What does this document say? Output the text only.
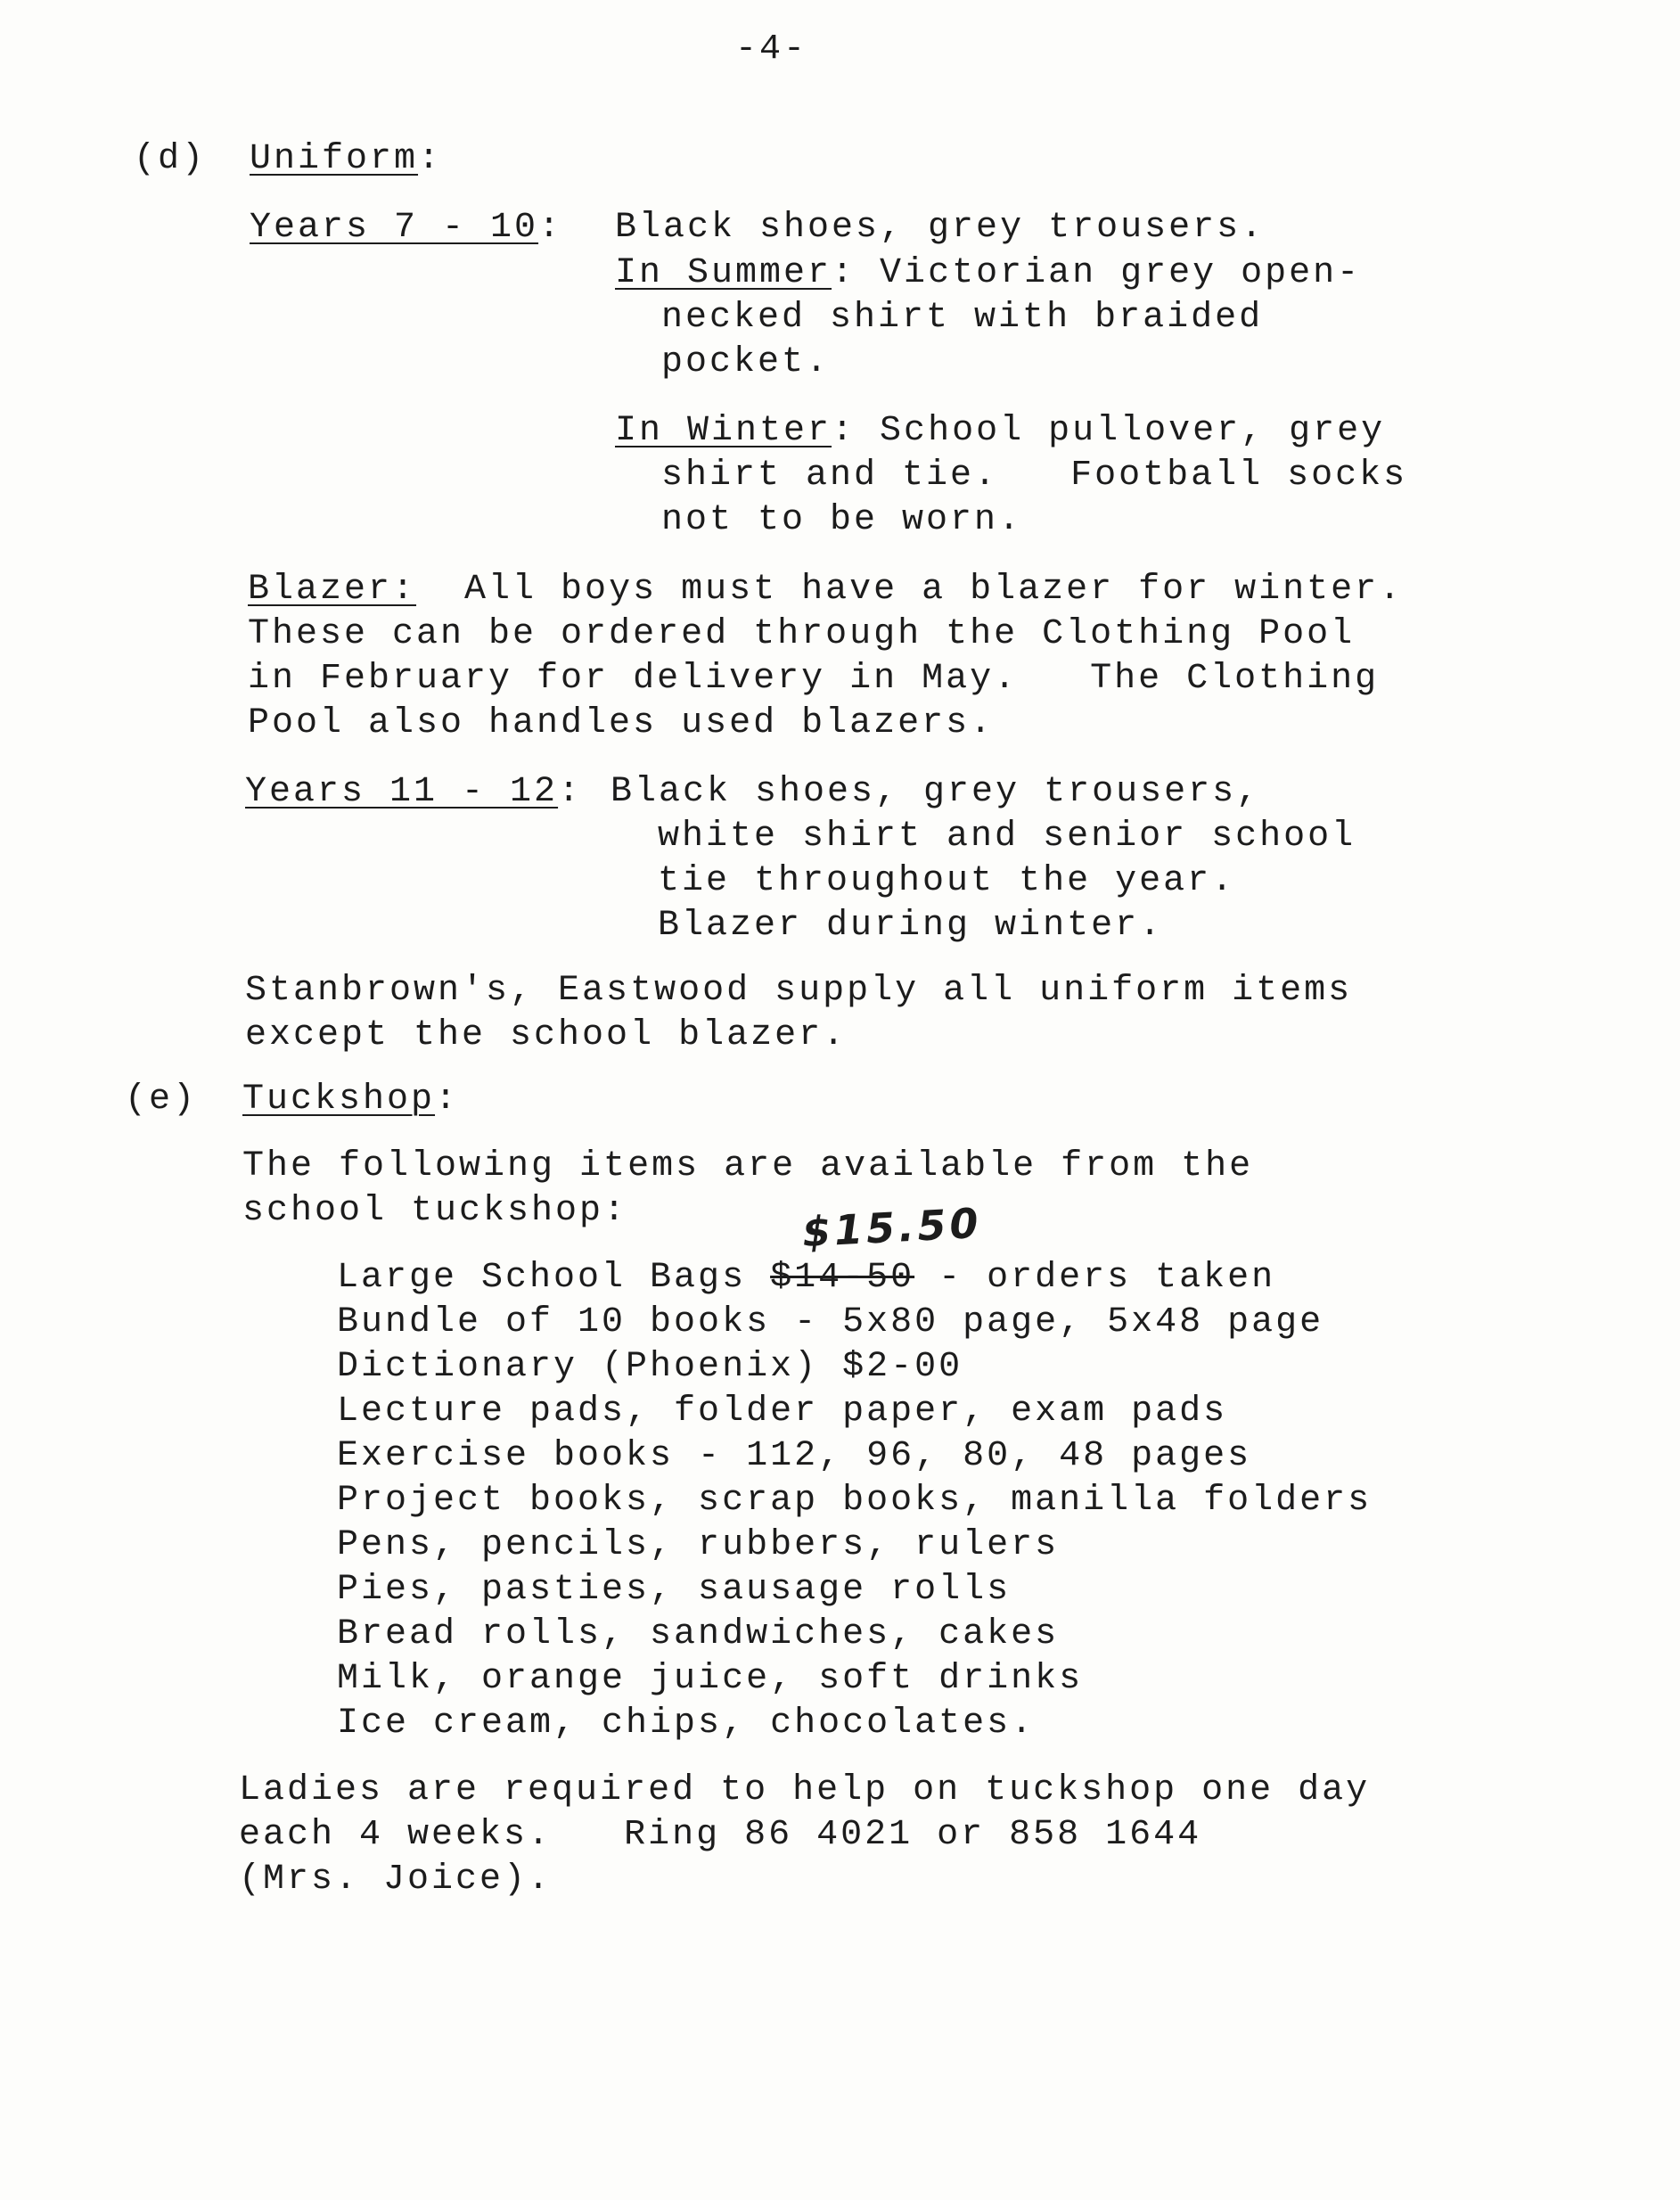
-4-
(d) Uniform:
Years 7 - 10: Black shoes, grey trousers.
In Summer: Victorian grey open-
necked shirt with braided
pocket.
In Winter: School pullover, grey
shirt and tie.   Football socks
not to be worn.
Blazer:  All boys must have a blazer for winter.
These can be ordered through the Clothing Pool
in February for delivery in May.   The Clothing
Pool also handles used blazers.
Years 11 - 12: Black shoes, grey trousers,
white shirt and senior school
tie throughout the year.
Blazer during winter.
Stanbrown's, Eastwood supply all uniform items
except the school blazer.
(e) Tuckshop:
The following items are available from the
school tuckshop:	$15.50
Large School Bags $14-50 - orders taken
Bundle of 10 books - 5x80 page, 5x48 page
Dictionary (Phoenix) $2-00
Lecture pads, folder paper, exam pads
Exercise books - 112, 96, 80, 48 pages
Project books, scrap books, manilla folders
Pens, pencils, rubbers, rulers
Pies, pasties, sausage rolls
Bread rolls, sandwiches, cakes
Milk, orange juice, soft drinks
Ice cream, chips, chocolates.
Ladies are required to help on tuckshop one day
each 4 weeks.   Ring 86 4021 or 858 1644
(Mrs. Joice).
